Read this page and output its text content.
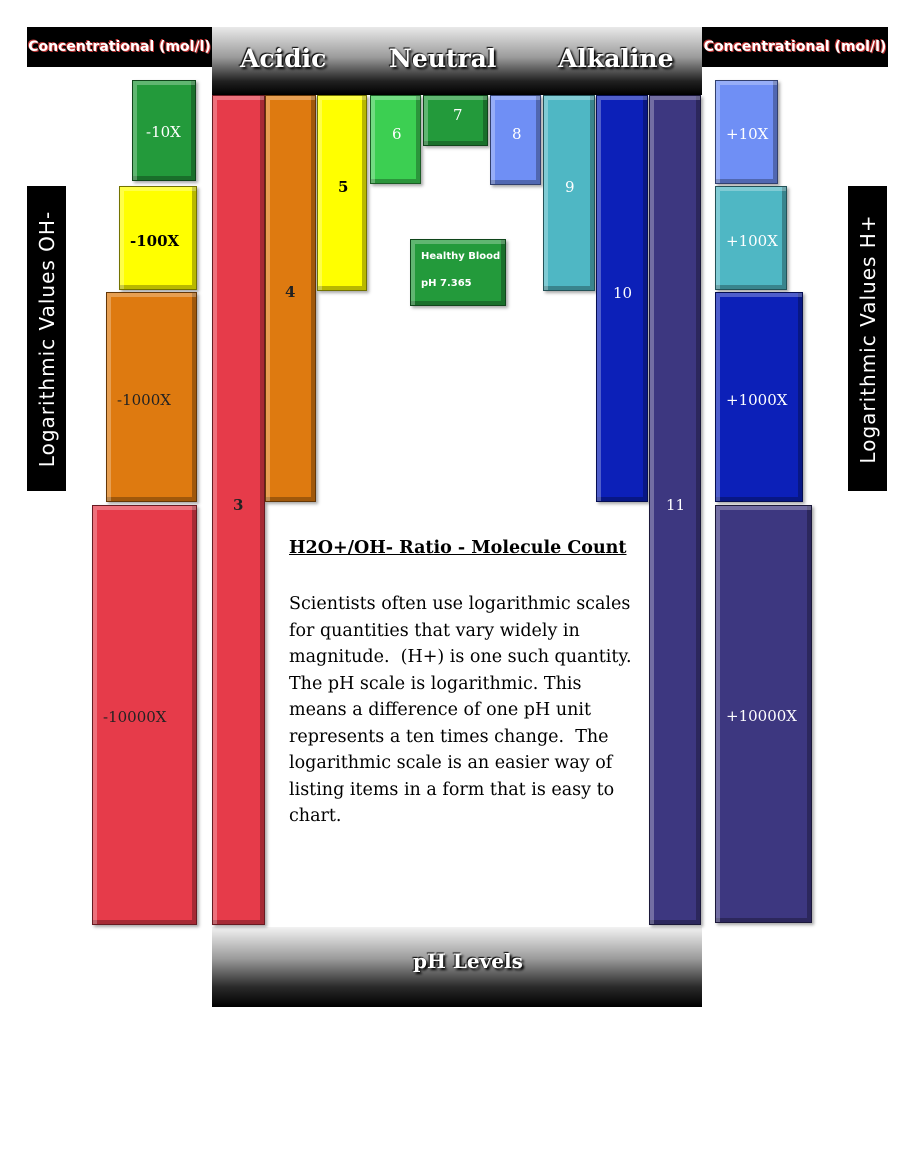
Acidic	Neutral Alkaline
pH Levels
Concentrational (mol/l)	Concentrational (mol/l)
Logarithmic Values OH-	Logarithmic Values H+
-10X
-100X
-1000X
-10000X
+10X
+100X
+1000X
+10000X
3
4
5
6
7
8
9
10
11
Healthy Blood
pH 7.365
H2O+/OH- Ratio - Molecule Count
Scientists often use logarithmic scales
for quantities that vary widely in
magnitude.  (H+) is one such quantity.
The pH scale is logarithmic. This
means a difference of one pH unit
represents a ten times change.  The
logarithmic scale is an easier way of
listing items in a form that is easy to
chart.
